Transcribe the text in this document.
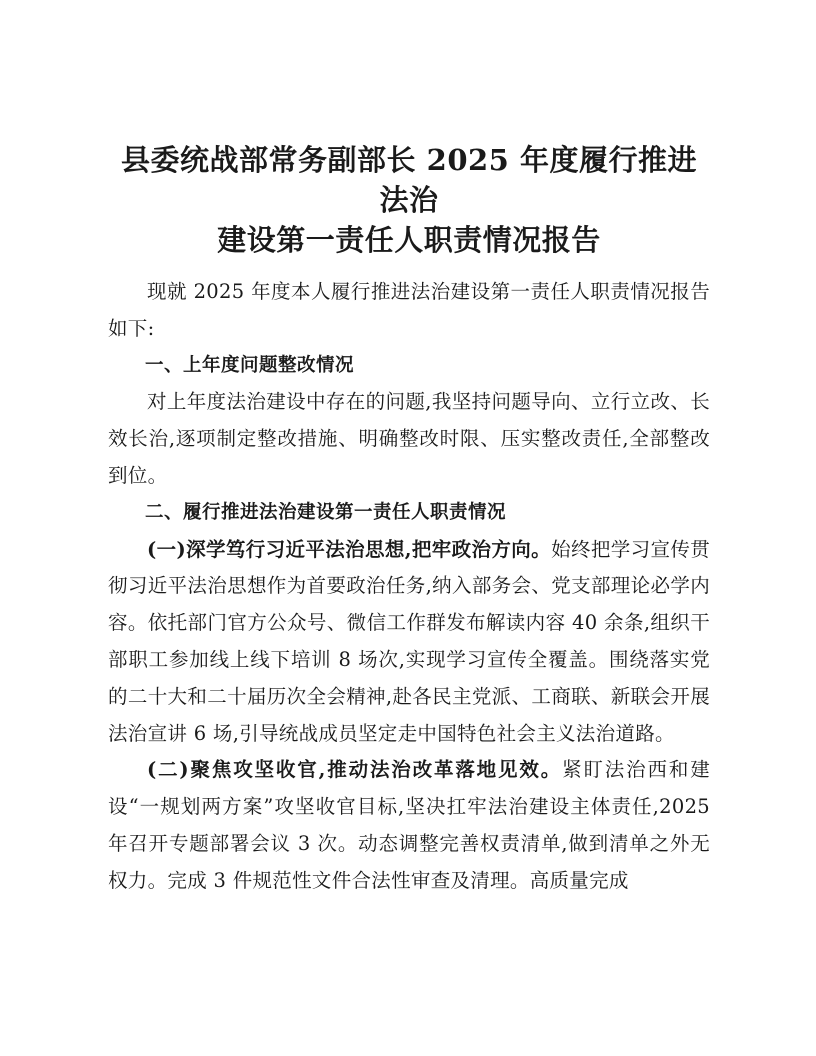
县委统战部常务副部长 2025 年度履行推进法治
建设第一责任人职责情况报告

现就 2025 年度本人履行推进法治建设第一责任人职责情况报告如下:

一、上年度问题整改情况

对上年度法治建设中存在的问题,我坚持问题导向、立行立改、长效长治,逐项制定整改措施、明确整改时限、压实整改责任,全部整改到位。

二、履行推进法治建设第一责任人职责情况

(一)深学笃行习近平法治思想,把牢政治方向。始终把学习宣传贯彻习近平法治思想作为首要政治任务,纳入部务会、党支部理论必学内容。依托部门官方公众号、微信工作群发布解读内容 40 余条,组织干部职工参加线上线下培训 8 场次,实现学习宣传全覆盖。围绕落实党的二十大和二十届历次全会精神,赴各民主党派、工商联、新联会开展法治宣讲 6 场,引导统战成员坚定走中国特色社会主义法治道路。

(二)聚焦攻坚收官,推动法治改革落地见效。紧盯法治西和建设“一规划两方案”攻坚收官目标,坚决扛牢法治建设主体责任,2025 年召开专题部署会议 3 次。动态调整完善权责清单,做到清单之外无权力。完成 3 件规范性文件合法性审查及清理。高质量完成
